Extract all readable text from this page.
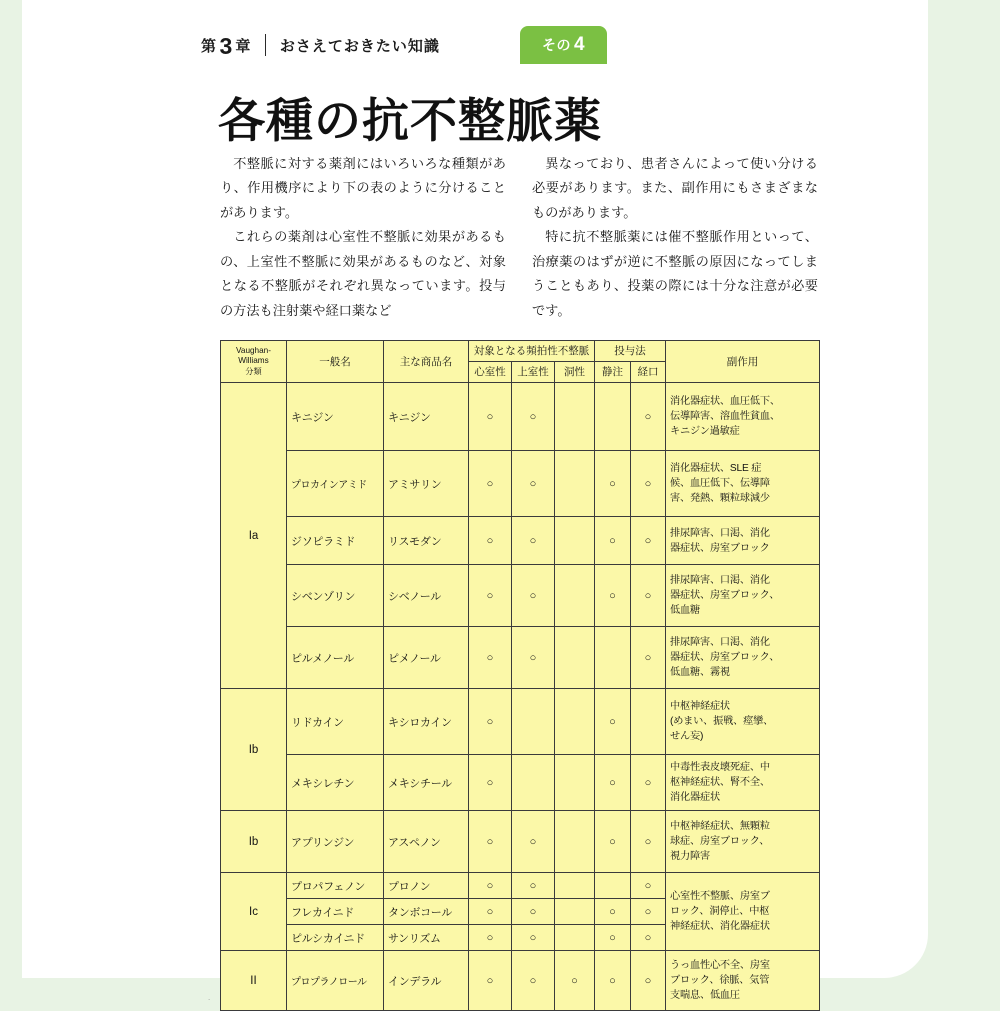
第 3 章 おさえておきたい知識	その 4
各種の抗不整脈薬

不整脈に対する薬剤にはいろいろな種類があり、作用機序により下の表のように分けることがあります。

これらの薬剤は心室性不整脈に効果があるもの、上室性不整脈に効果があるものなど、対象となる不整脈がそれぞれ異なっています。投与の方法も注射薬や経口薬など

異なっており、患者さんによって使い分ける必要があります。また、副作用にもさまざまなものがあります。

特に抗不整脈薬には催不整脈作用といって、治療薬のはずが逆に不整脈の原因になってしまうこともあり、投薬の際には十分な注意が必要です。

Vaughan-
Williams
分類	一般名	主な商品名	対象となる頻拍性不整脈			投与法		副作用
			心室性	上室性	洞性	静注	経口	
Ia	キニジン	キニジン	○	○			○	消化器症状、血圧低下、
伝導障害、溶血性貧血、
キニジン過敏症

	プロカインアミド	アミサリン	○	○		○	○	消化器症状、SLE 症
候、血圧低下、伝導障
害、発熱、顆粒球減少

	ジソピラミド	リスモダン	○	○		○	○	排尿障害、口渇、消化
器症状、房室ブロック

	シベンゾリン	シベノール	○	○		○	○	排尿障害、口渇、消化
器症状、房室ブロック、
低血糖

	ピルメノール	ピメノール	○	○			○	排尿障害、口渇、消化
器症状、房室ブロック、
低血糖、霧視

Ib	リドカイン	キシロカイン	○			○		中枢神経症状
(めまい、振戦、痙攣、
せん妄)

	メキシレチン	メキシチール	○			○	○	中毒性表皮壊死症、中
枢神経症状、腎不全、
消化器症状

Ib	アプリンジン	アスペノン	○	○		○	○	中枢神経症状、無顆粒
球症、房室ブロック、
視力障害

Ic	プロパフェノン	プロノン	○	○			○	心室性不整脈、房室ブ
ロック、洞停止、中枢
神経症状、消化器症状

	フレカイニド	タンボコール	○	○		○	○	
	ピルシカイニド	サンリズム	○	○		○	○	
II	プロプラノロール	インデラル	○	○	○	○	○	うっ血性心不全、房室
ブロック、徐脈、気管
支喘息、低血圧
.
